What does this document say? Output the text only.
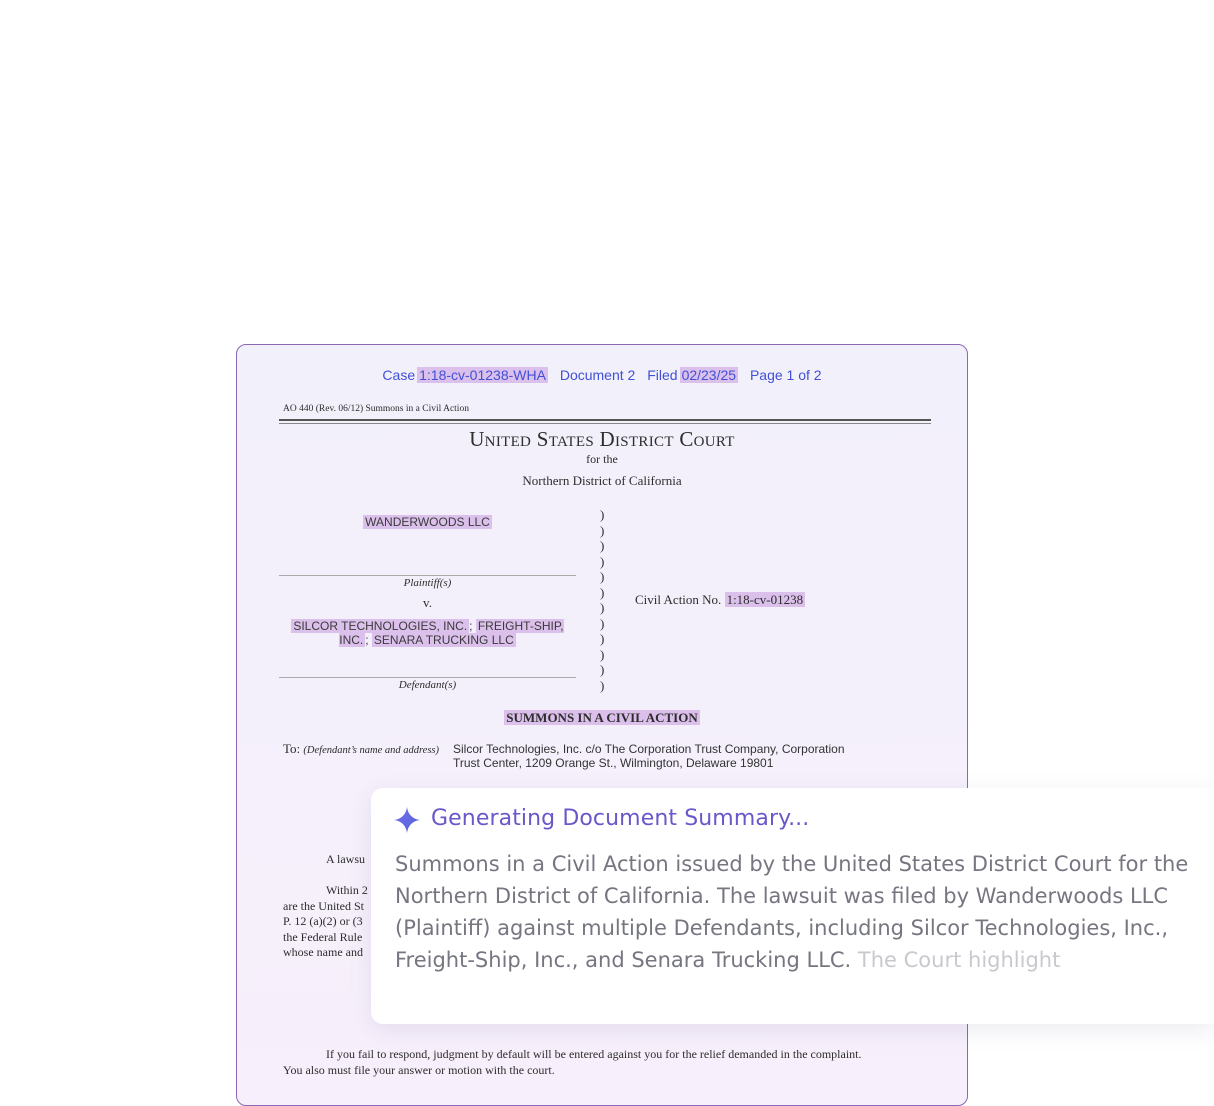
Case 1:18-cv-01238-WHA Document 2 Filed 02/23/25 Page 1 of 2
AO 440 (Rev. 06/12) Summons in a Civil Action
United States District Court
for the
Northern District of California
WANDERWOODS LLC
Plaintiff(s)
v.
SILCOR TECHNOLOGIES, INC. ; FREIGHT-SHIP, INC. ; SENARA TRUCKING LLC
Defendant(s)
)
)
)
)
)
)
)
)
)
)
)
)
Civil Action No. 1:18-cv-01238
SUMMONS IN A CIVIL ACTION
To: (Defendant’s name and address) Silcor Technologies, Inc. c/o The Corporation Trust Company, Corporation Trust Center, 1209 Orange St., Wilmington, Delaware 19801
A lawsu
Within 2
are the United St
P. 12 (a)(2) or (3
the Federal Rule
whose name and
If you fail to respond, judgment by default will be entered against you for the relief demanded in the complaint.
You also must file your answer or motion with the court.
Generating Document Summary...
Summons in a Civil Action issued by the United States District Court for the Northern District of California. The lawsuit was filed by Wanderwoods LLC (Plaintiff) against multiple Defendants, including Silcor Technologies, Inc., Freight-Ship, Inc., and Senara Trucking LLC. The Court highlight
